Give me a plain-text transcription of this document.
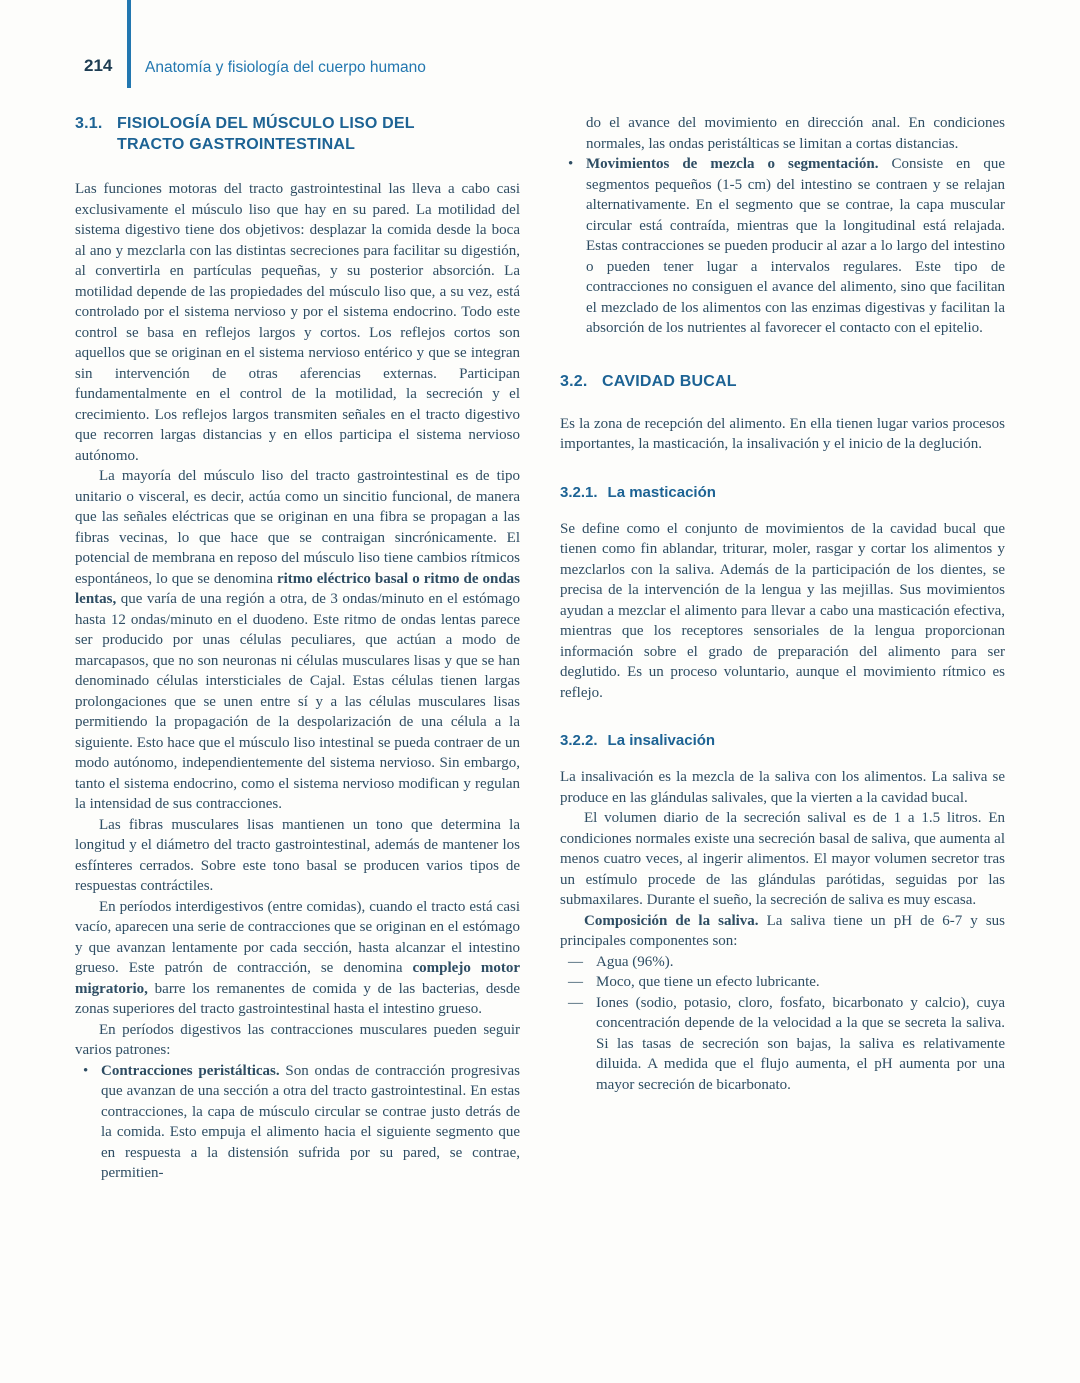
214 Anatomía y fisiología del cuerpo humano
3.1. FISIOLOGÍA DEL MÚSCULO LISO DEL TRACTO GASTROINTESTINAL

Las funciones motoras del tracto gastrointestinal las lleva a cabo casi exclusivamente el músculo liso que hay en su pared. La motilidad del sistema digestivo tiene dos objetivos: desplazar la comida desde la boca al ano y mezclarla con las distintas secreciones para facilitar su digestión, al convertirla en partículas pequeñas, y su posterior absorción. La motilidad depende de las propiedades del músculo liso que, a su vez, está controlado por el sistema nervioso y por el sistema endocrino. Todo este control se basa en reflejos largos y cortos. Los reflejos cortos son aquellos que se originan en el sistema nervioso entérico y que se integran sin intervención de otras aferencias externas. Participan fundamentalmente en el control de la motilidad, la secreción y el crecimiento. Los reflejos largos transmiten señales en el tracto digestivo que recorren largas distancias y en ellos participa el sistema nervioso autónomo.

La mayoría del músculo liso del tracto gastrointestinal es de tipo unitario o visceral, es decir, actúa como un sincitio funcional, de manera que las señales eléctricas que se originan en una fibra se propagan a las fibras vecinas, lo que hace que se contraigan sincrónicamente. El potencial de membrana en reposo del músculo liso tiene cambios rítmicos espontáneos, lo que se denomina ritmo eléctrico basal o ritmo de ondas lentas, que varía de una región a otra, de 3 ondas/minuto en el estómago hasta 12 ondas/minuto en el duodeno. Este ritmo de ondas lentas parece ser producido por unas células peculiares, que actúan a modo de marcapasos, que no son neuronas ni células musculares lisas y que se han denominado células intersticiales de Cajal. Estas células tienen largas prolongaciones que se unen entre sí y a las células musculares lisas permitiendo la propagación de la despolarización de una célula a la siguiente. Esto hace que el músculo liso intestinal se pueda contraer de un modo autónomo, independientemente del sistema nervioso. Sin embargo, tanto el sistema endocrino, como el sistema nervioso modifican y regulan la intensidad de sus contracciones.

Las fibras musculares lisas mantienen un tono que determina la longitud y el diámetro del tracto gastrointestinal, además de mantener los esfínteres cerrados. Sobre este tono basal se producen varios tipos de respuestas contráctiles.

En períodos interdigestivos (entre comidas), cuando el tracto está casi vacío, aparecen una serie de contracciones que se originan en el estómago y que avanzan lentamente por cada sección, hasta alcanzar el intestino grueso. Este patrón de contracción, se denomina complejo motor migratorio, barre los remanentes de comida y de las bacterias, desde zonas superiores del tracto gastrointestinal hasta el intestino grueso.

En períodos digestivos las contracciones musculares pueden seguir varios patrones:

• Contracciones peristálticas. Son ondas de contracción progresivas que avanzan de una sección a otra del tracto gastrointestinal. En estas contracciones, la capa de músculo circular se contrae justo detrás de la comida. Esto empuja el alimento hacia el siguiente segmento que en respuesta a la distensión sufrida por su pared, se contrae, permitien-

do el avance del movimiento en dirección anal. En condiciones normales, las ondas peristálticas se limitan a cortas distancias.

• Movimientos de mezcla o segmentación. Consiste en que segmentos pequeños (1-5 cm) del intestino se contraen y se relajan alternativamente. En el segmento que se contrae, la capa muscular circular está contraída, mientras que la longitudinal está relajada. Estas contracciones se pueden producir al azar a lo largo del intestino o pueden tener lugar a intervalos regulares. Este tipo de contracciones no consiguen el avance del alimento, sino que facilitan el mezclado de los alimentos con las enzimas digestivas y facilitan la absorción de los nutrientes al favorecer el contacto con el epitelio.

3.2. CAVIDAD BUCAL

Es la zona de recepción del alimento. En ella tienen lugar varios procesos importantes, la masticación, la insalivación y el inicio de la deglución.

3.2.1. La masticación

Se define como el conjunto de movimientos de la cavidad bucal que tienen como fin ablandar, triturar, moler, rasgar y cortar los alimentos y mezclarlos con la saliva. Además de la participación de los dientes, se precisa de la intervención de la lengua y las mejillas. Sus movimientos ayudan a mezclar el alimento para llevar a cabo una masticación efectiva, mientras que los receptores sensoriales de la lengua proporcionan información sobre el grado de preparación del alimento para ser deglutido. Es un proceso voluntario, aunque el movimiento rítmico es reflejo.

3.2.2. La insalivación

La insalivación es la mezcla de la saliva con los alimentos. La saliva se produce en las glándulas salivales, que la vierten a la cavidad bucal.

El volumen diario de la secreción salival es de 1 a 1.5 litros. En condiciones normales existe una secreción basal de saliva, que aumenta al menos cuatro veces, al ingerir alimentos. El mayor volumen secretor tras un estímulo procede de las glándulas parótidas, seguidas por las submaxilares. Durante el sueño, la secreción de saliva es muy escasa.

Composición de la saliva. La saliva tiene un pH de 6-7 y sus principales componentes son:

— Agua (96%).

— Moco, que tiene un efecto lubricante.

— Iones (sodio, potasio, cloro, fosfato, bicarbonato y calcio), cuya concentración depende de la velocidad a la que se secreta la saliva. Si las tasas de secreción son bajas, la saliva es relativamente diluida. A medida que el flujo aumenta, el pH aumenta por una mayor secreción de bicarbonato.
